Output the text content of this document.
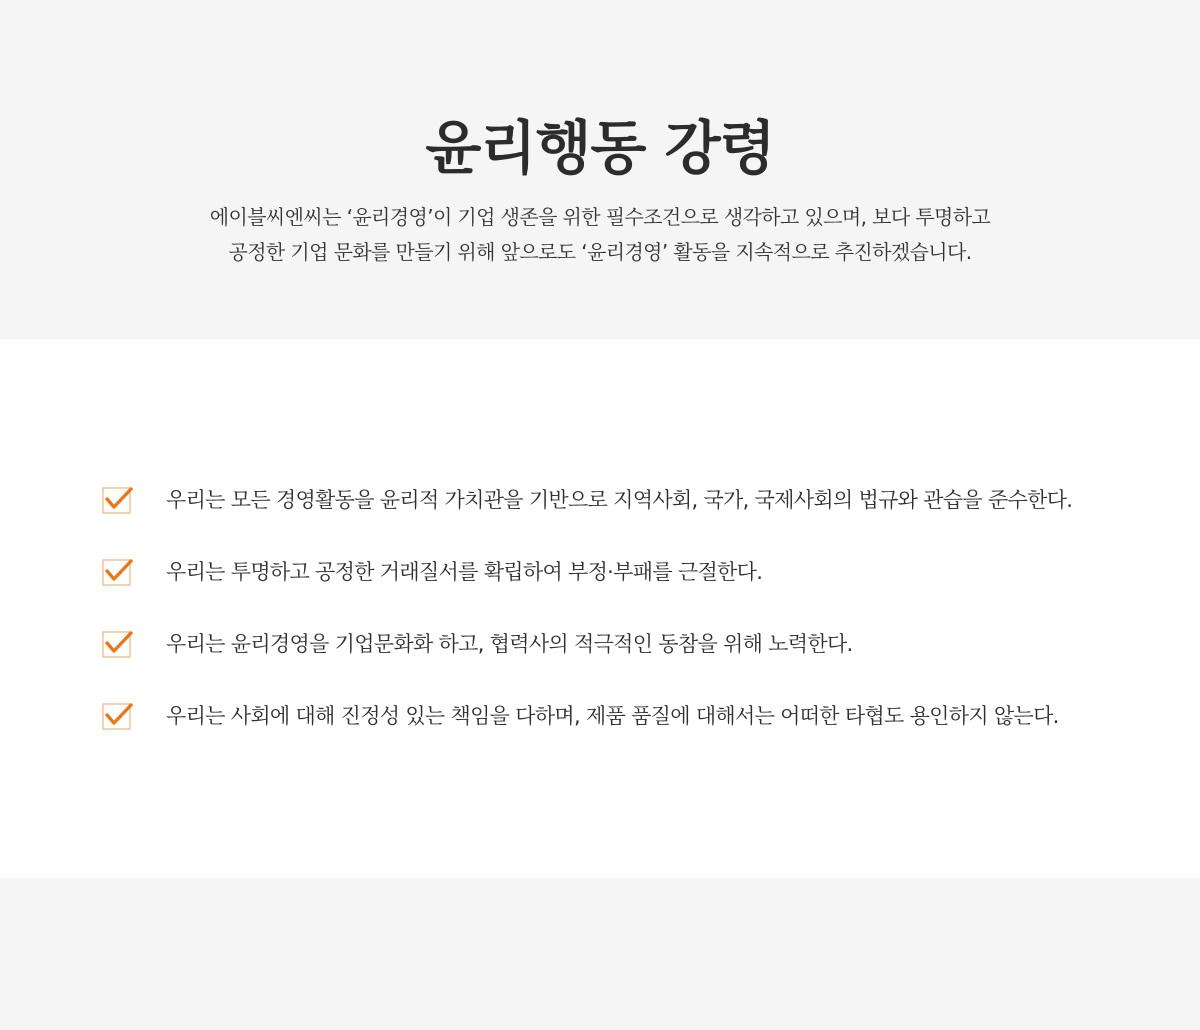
윤리행동 강령

에이블씨엔씨는 ‘윤리경영’이 기업 생존을 위한 필수조건으로 생각하고 있으며, 보다 투명하고
공정한 기업 문화를 만들기 위해 앞으로도 ‘윤리경영’ 활동을 지속적으로 추진하겠습니다.

우리는 모든 경영활동을 윤리적 가치관을 기반으로 지역사회, 국가, 국제사회의 법규와 관습을 준수한다.
우리는 투명하고 공정한 거래질서를 확립하여 부정·부패를 근절한다.
우리는 윤리경영을 기업문화화 하고, 협력사의 적극적인 동참을 위해 노력한다.
우리는 사회에 대해 진정성 있는 책임을 다하며, 제품 품질에 대해서는 어떠한 타협도 용인하지 않는다.
